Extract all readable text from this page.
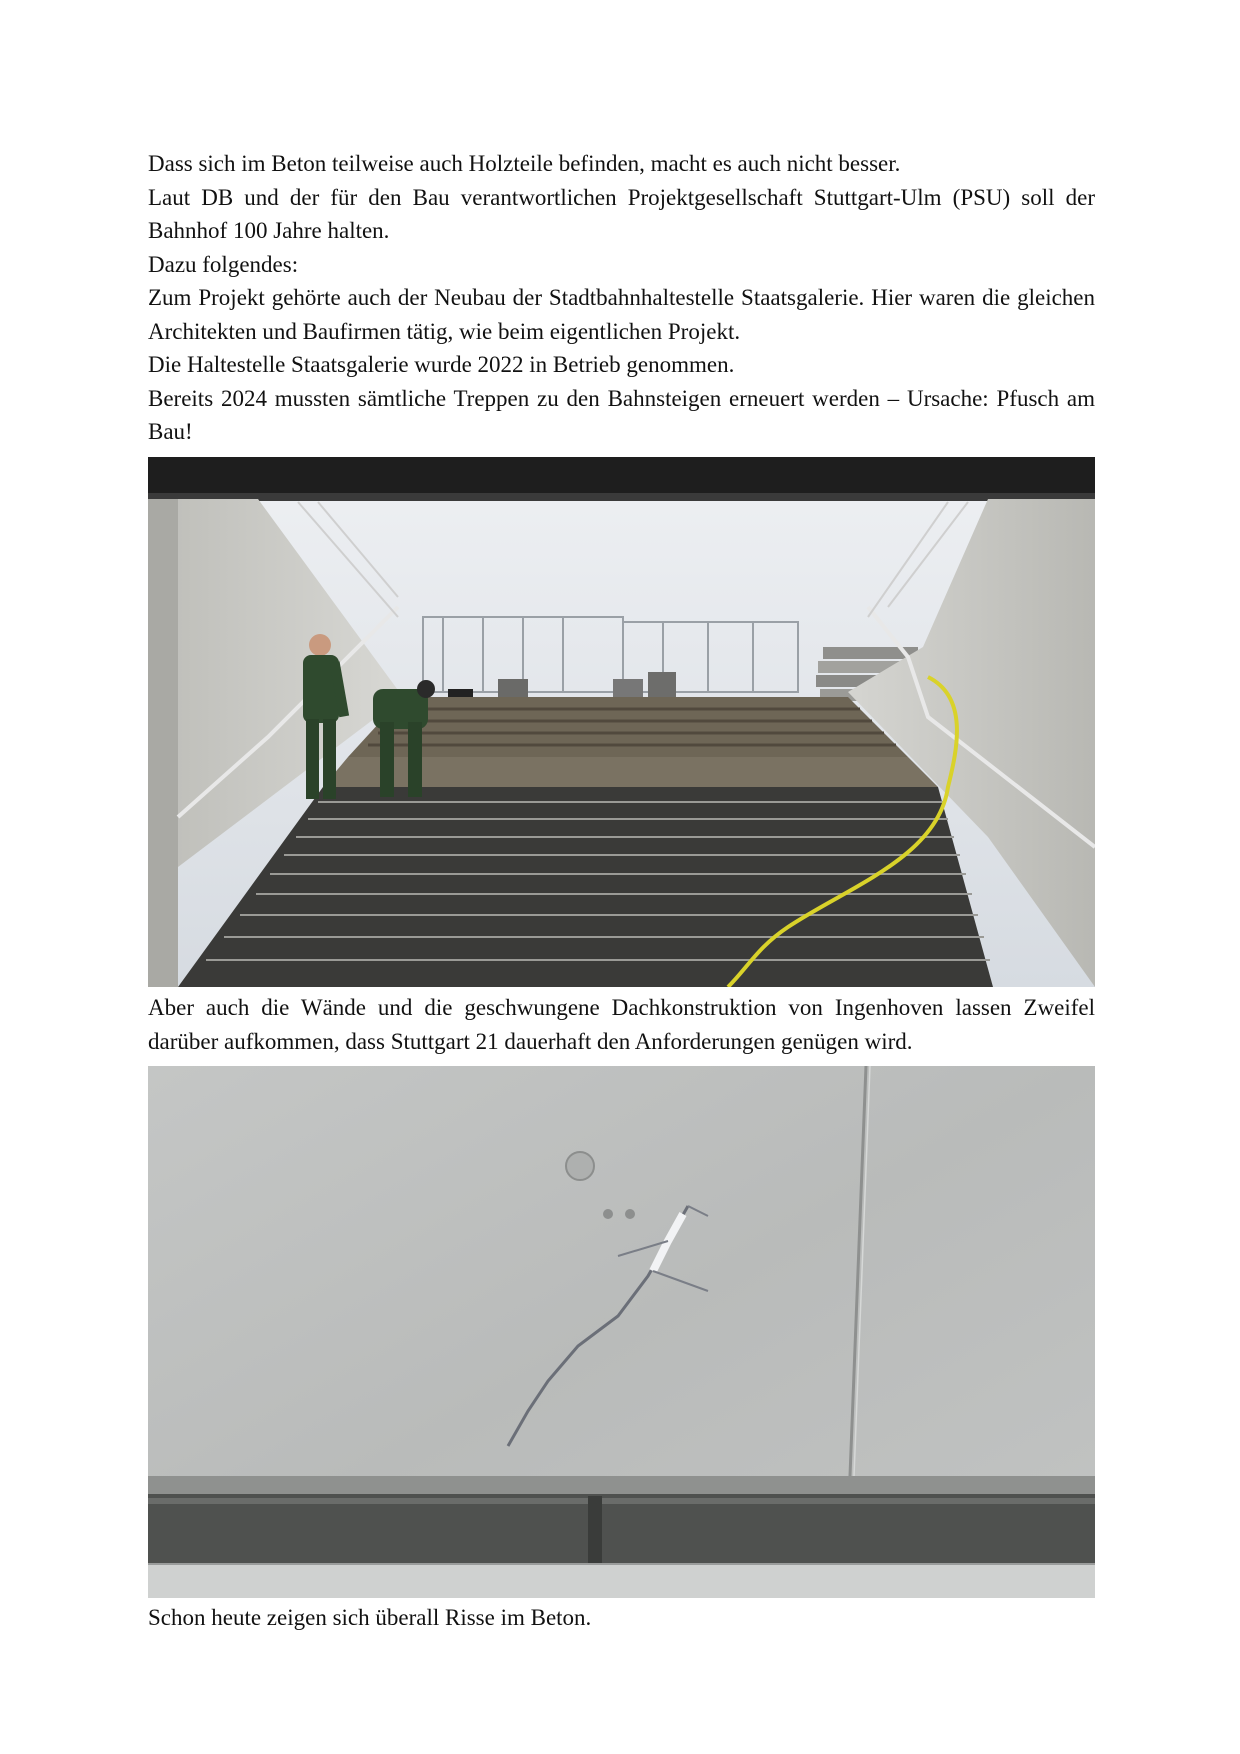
Dass sich im Beton teilweise auch Holzteile befinden, macht es auch nicht besser.

Laut DB und der für den Bau verantwortlichen Projektgesellschaft Stuttgart-Ulm (PSU) soll der Bahnhof 100 Jahre halten.

Dazu folgendes:

Zum Projekt gehörte auch der Neubau der Stadtbahnhaltestelle Staatsgalerie. Hier waren die gleichen Architekten und Baufirmen tätig, wie beim eigentlichen Projekt.

Die Haltestelle Staatsgalerie wurde 2022 in Betrieb genommen.

Bereits 2024 mussten sämtliche Treppen zu den Bahnsteigen erneuert werden – Ursache: Pfusch am Bau!

Aber auch die Wände und die geschwungene Dachkonstruktion von Ingenhoven lassen Zweifel darüber aufkommen, dass Stuttgart 21 dauerhaft den Anforderungen genügen wird.

Schon heute zeigen sich überall Risse im Beton.
